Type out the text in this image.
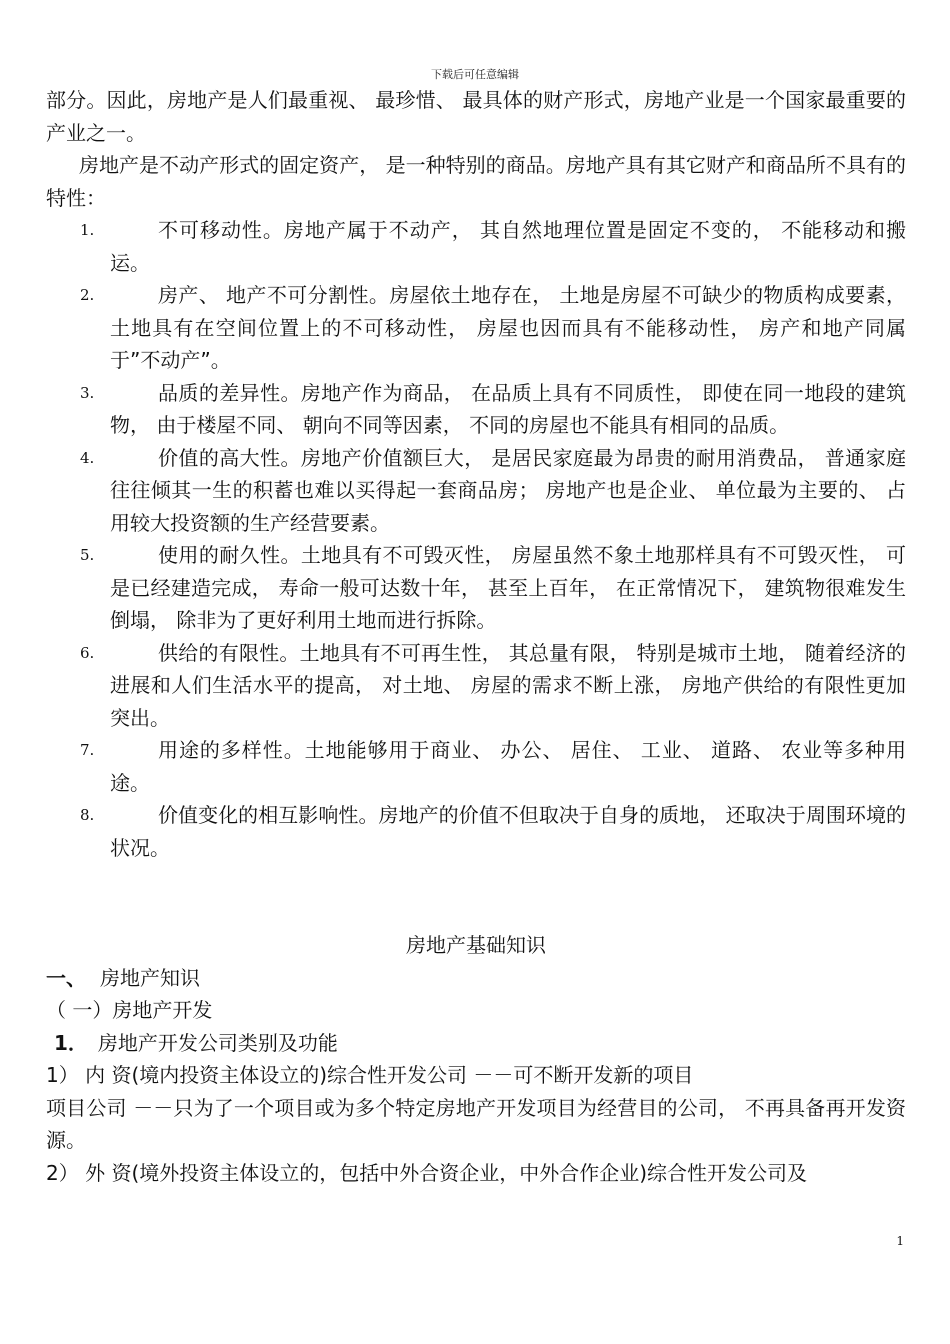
下载后可任意编辑

部分。因此，房地产是人们最重视、 最珍惜、 最具体的财产形式，房地产业是一个国家最重要的产业之一。

房地产是不动产形式的固定资产， 是一种特别的商品。房地产具有其它财产和商品所不具有的特性：

1.	不可移动性。房地产属于不动产， 其自然地理位置是固定不变的， 不能移动和搬运。
2.	房产、 地产不可分割性。房屋依土地存在， 土地是房屋不可缺少的物质构成要素， 土地具有在空间位置上的不可移动性， 房屋也因而具有不能移动性， 房产和地产同属于”不动产”。
3.	品质的差异性。房地产作为商品， 在品质上具有不同质性， 即使在同一地段的建筑物， 由于楼屋不同、 朝向不同等因素， 不同的房屋也不能具有相同的品质。
4.	价值的高大性。房地产价值额巨大， 是居民家庭最为昂贵的耐用消费品， 普通家庭往往倾其一生的积蓄也难以买得起一套商品房； 房地产也是企业、 单位最为主要的、 占用较大投资额的生产经营要素。
5.	使用的耐久性。土地具有不可毁灭性， 房屋虽然不象土地那样具有不可毁灭性， 可是已经建造完成， 寿命一般可达数十年， 甚至上百年， 在正常情况下， 建筑物很难发生倒塌， 除非为了更好利用土地而进行拆除。
6.	供给的有限性。土地具有不可再生性， 其总量有限， 特别是城市土地， 随着经济的进展和人们生活水平的提高， 对土地、 房屋的需求不断上涨， 房地产供给的有限性更加突出。
7.	用途的多样性。土地能够用于商业、 办公、 居住、 工业、 道路、 农业等多种用途。
8.	价值变化的相互影响性。房地产的价值不但取决于自身的质地， 还取决于周围环境的状况。

房地产基础知识

一、 房地产知识

（ 一）房地产开发

1． 房地产开发公司类别及功能

1） 内 资(境内投资主体设立的)综合性开发公司 －－可不断开发新的项目

项目公司 －－只为了一个项目或为多个特定房地产开发项目为经营目的公司， 不再具备再开发资源。

2） 外 资(境外投资主体设立的，包括中外合资企业，中外合作企业)综合性开发公司及

1
